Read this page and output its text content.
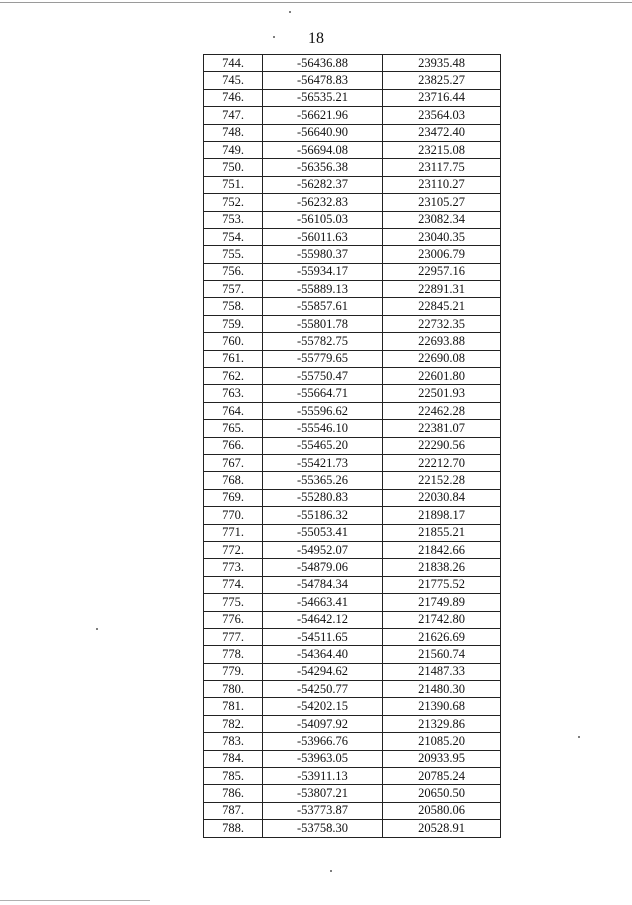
18
744.	-56436.88	23935.48
745.	-56478.83	23825.27
746.	-56535.21	23716.44
747.	-56621.96	23564.03
748.	-56640.90	23472.40
749.	-56694.08	23215.08
750.	-56356.38	23117.75
751.	-56282.37	23110.27
752.	-56232.83	23105.27
753.	-56105.03	23082.34
754.	-56011.63	23040.35
755.	-55980.37	23006.79
756.	-55934.17	22957.16
757.	-55889.13	22891.31
758.	-55857.61	22845.21
759.	-55801.78	22732.35
760.	-55782.75	22693.88
761.	-55779.65	22690.08
762.	-55750.47	22601.80
763.	-55664.71	22501.93
764.	-55596.62	22462.28
765.	-55546.10	22381.07
766.	-55465.20	22290.56
767.	-55421.73	22212.70
768.	-55365.26	22152.28
769.	-55280.83	22030.84
770.	-55186.32	21898.17
771.	-55053.41	21855.21
772.	-54952.07	21842.66
773.	-54879.06	21838.26
774.	-54784.34	21775.52
775.	-54663.41	21749.89
776.	-54642.12	21742.80
777.	-54511.65	21626.69
778.	-54364.40	21560.74
779.	-54294.62	21487.33
780.	-54250.77	21480.30
781.	-54202.15	21390.68
782.	-54097.92	21329.86
783.	-53966.76	21085.20
784.	-53963.05	20933.95
785.	-53911.13	20785.24
786.	-53807.21	20650.50
787.	-53773.87	20580.06
788.	-53758.30	20528.91
